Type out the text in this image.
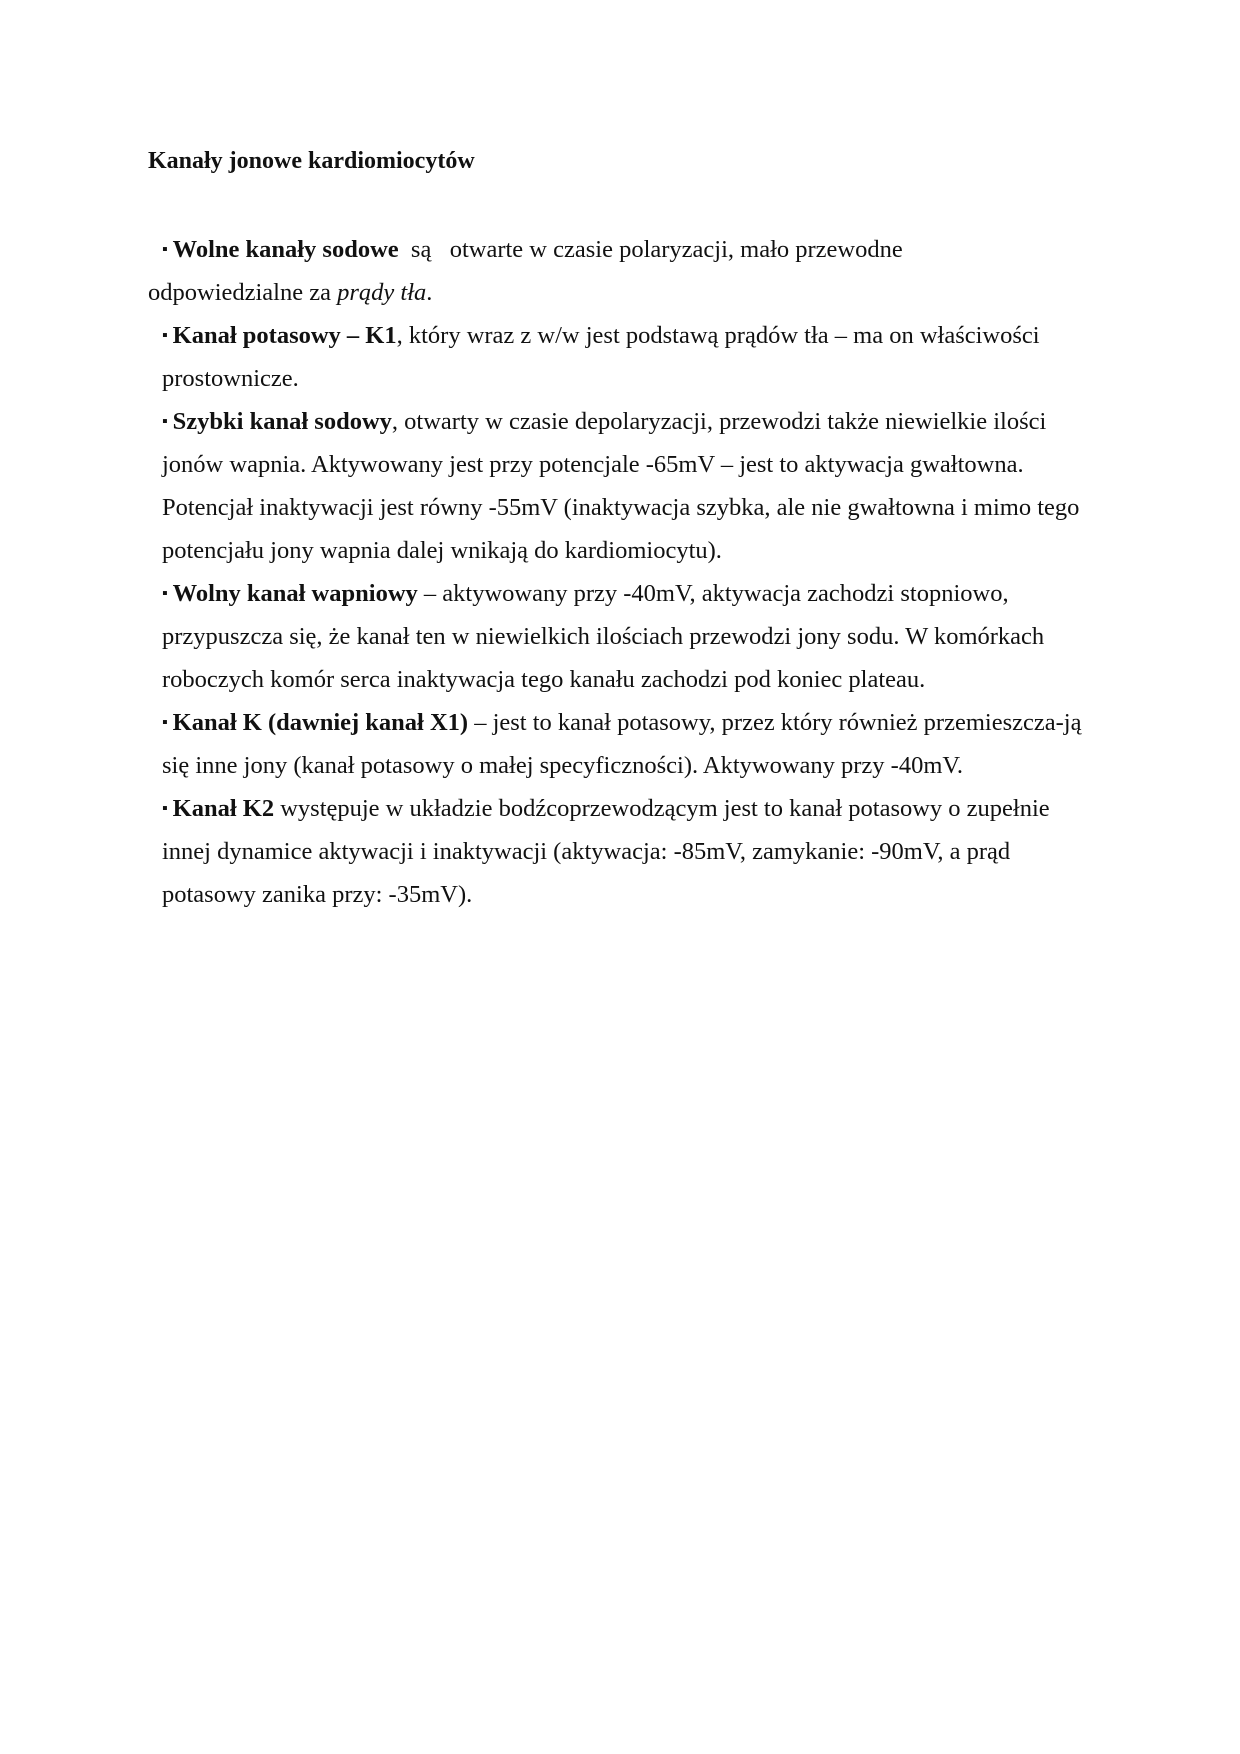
Kanały jonowe kardiomiocytów

▪ Wolne kanały sodowe  są   otwarte w czasie polaryzacji, mało przewodne
odpowiedzialne za prądy tła.

▪ Kanał potasowy – K1, który wraz z w/w jest podstawą prądów tła – ma on właściwości prostownicze.

▪ Szybki kanał sodowy, otwarty w czasie depolaryzacji, przewodzi także niewielkie ilości jonów wapnia. Aktywowany jest przy potencjale -65mV – jest to aktywacja gwałtowna. Potencjał inaktywacji jest równy -55mV (inaktywacja szybka, ale nie gwałtowna i mimo tego potencjału jony wapnia dalej wnikają do kardiomiocytu).

▪ Wolny kanał wapniowy – aktywowany przy -40mV, aktywacja zachodzi stopniowo, przypuszcza się, że kanał ten w niewielkich ilościach przewodzi jony sodu. W komórkach roboczych komór serca inaktywacja tego kanału zachodzi pod koniec plateau.

▪ Kanał K (dawniej kanał X1) – jest to kanał potasowy, przez który również przemieszcza-ją się inne jony (kanał potasowy o małej specyficzności). Aktywowany przy -40mV.

▪ Kanał K2 występuje w układzie bodźcoprzewodzącym jest to kanał potasowy o zupełnie innej dynamice aktywacji i inaktywacji (aktywacja: -85mV, zamykanie: -90mV, a prąd potasowy zanika przy: -35mV).
